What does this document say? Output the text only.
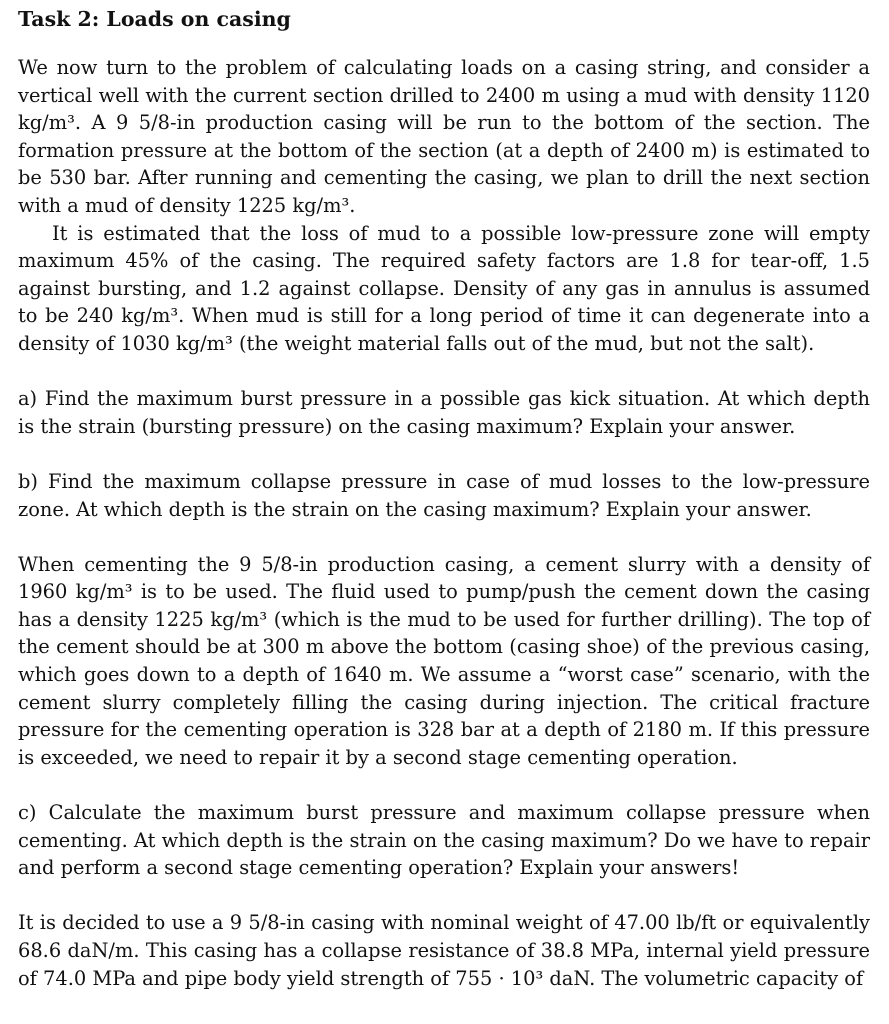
Task 2: Loads on casing

We now turn to the problem of calculating loads on a casing string, and consider a vertical well with the current section drilled to 2400 m using a mud with density 1120 kg/m³. A 9 5/8-in production casing will be run to the bottom of the section. The formation pressure at the bottom of the section (at a depth of 2400 m) is estimated to be 530 bar. After running and cementing the casing, we plan to drill the next section with a mud of density 1225 kg/m³.

It is estimated that the loss of mud to a possible low-pressure zone will empty maximum 45% of the casing. The required safety factors are 1.8 for tear-off, 1.5 against bursting, and 1.2 against collapse. Density of any gas in annulus is assumed to be 240 kg/m³. When mud is still for a long period of time it can degenerate into a density of 1030 kg/m³ (the weight material falls out of the mud, but not the salt).

a) Find the maximum burst pressure in a possible gas kick situation. At which depth is the strain (bursting pressure) on the casing maximum? Explain your answer.

b) Find the maximum collapse pressure in case of mud losses to the low-pressure zone. At which depth is the strain on the casing maximum? Explain your answer.

When cementing the 9 5/8-in production casing, a cement slurry with a density of 1960 kg/m³ is to be used. The fluid used to pump/push the cement down the casing has a density 1225 kg/m³ (which is the mud to be used for further drilling). The top of the cement should be at 300 m above the bottom (casing shoe) of the previous casing, which goes down to a depth of 1640 m. We assume a “worst case” scenario, with the cement slurry completely filling the casing during injection. The critical fracture pressure for the cementing operation is 328 bar at a depth of 2180 m. If this pressure is exceeded, we need to repair it by a second stage cementing operation.

c) Calculate the maximum burst pressure and maximum collapse pressure when cementing. At which depth is the strain on the casing maximum? Do we have to repair and perform a second stage cementing operation? Explain your answers!

It is decided to use a 9 5/8-in casing with nominal weight of 47.00 lb/ft or equivalently 68.6 daN/m. This casing has a collapse resistance of 38.8 MPa, internal yield pressure of 74.0 MPa and pipe body yield strength of 755 · 10³ daN. The volumetric capacity of
